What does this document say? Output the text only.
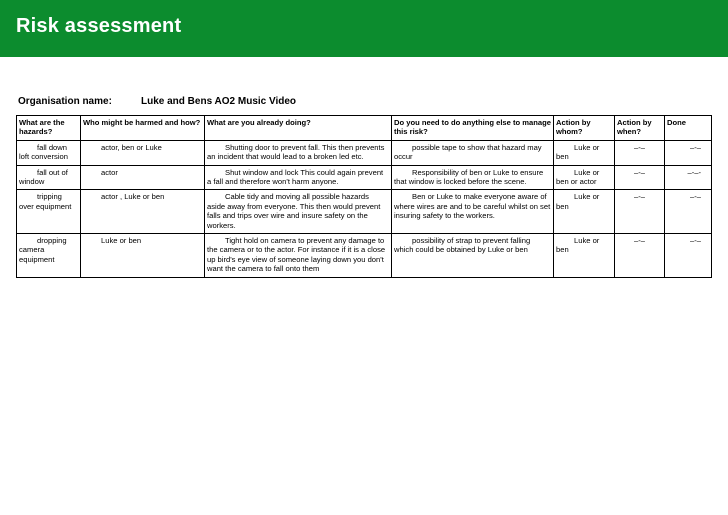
Risk assessment
Organisation name:	Luke and Bens AO2 Music Video
What are the hazards?	Who might be harmed and how?	What are you already doing?	Do you need to do anything else to manage this risk?	Action by whom?	Action by when?	Done
fall down loft conversion	actor, ben or Luke	Shutting door to prevent fall. This then prevents an incident that would lead to a broken led etc.	possible tape to show that hazard may occur	Luke or ben	–-–	–-–
fall out of window	actor	Shut window and lock This could again prevent a fall and therefore won't harm anyone.	Responsibility of ben or Luke to ensure that window is locked before the scene.	Luke or ben or actor	–-–	–-–-
tripping over equipment	actor , Luke or ben	Cable tidy and moving all possible hazards aside away from everyone. This then would prevent falls and trips over wire and insure safety on the workers.	Ben or Luke to make everyone aware of where wires are and to be careful whilst on set insuring safety to the workers.	Luke or ben	–-–	–-–
dropping camera equipment	Luke or ben	Tight hold on camera to prevent any damage to the camera or to the actor. For instance if it is a close up bird's eye view of someone laying down you don't want the camera to fall onto them	possibility of strap to prevent falling which could be obtained by Luke or ben	Luke or ben	–-–	–-–
